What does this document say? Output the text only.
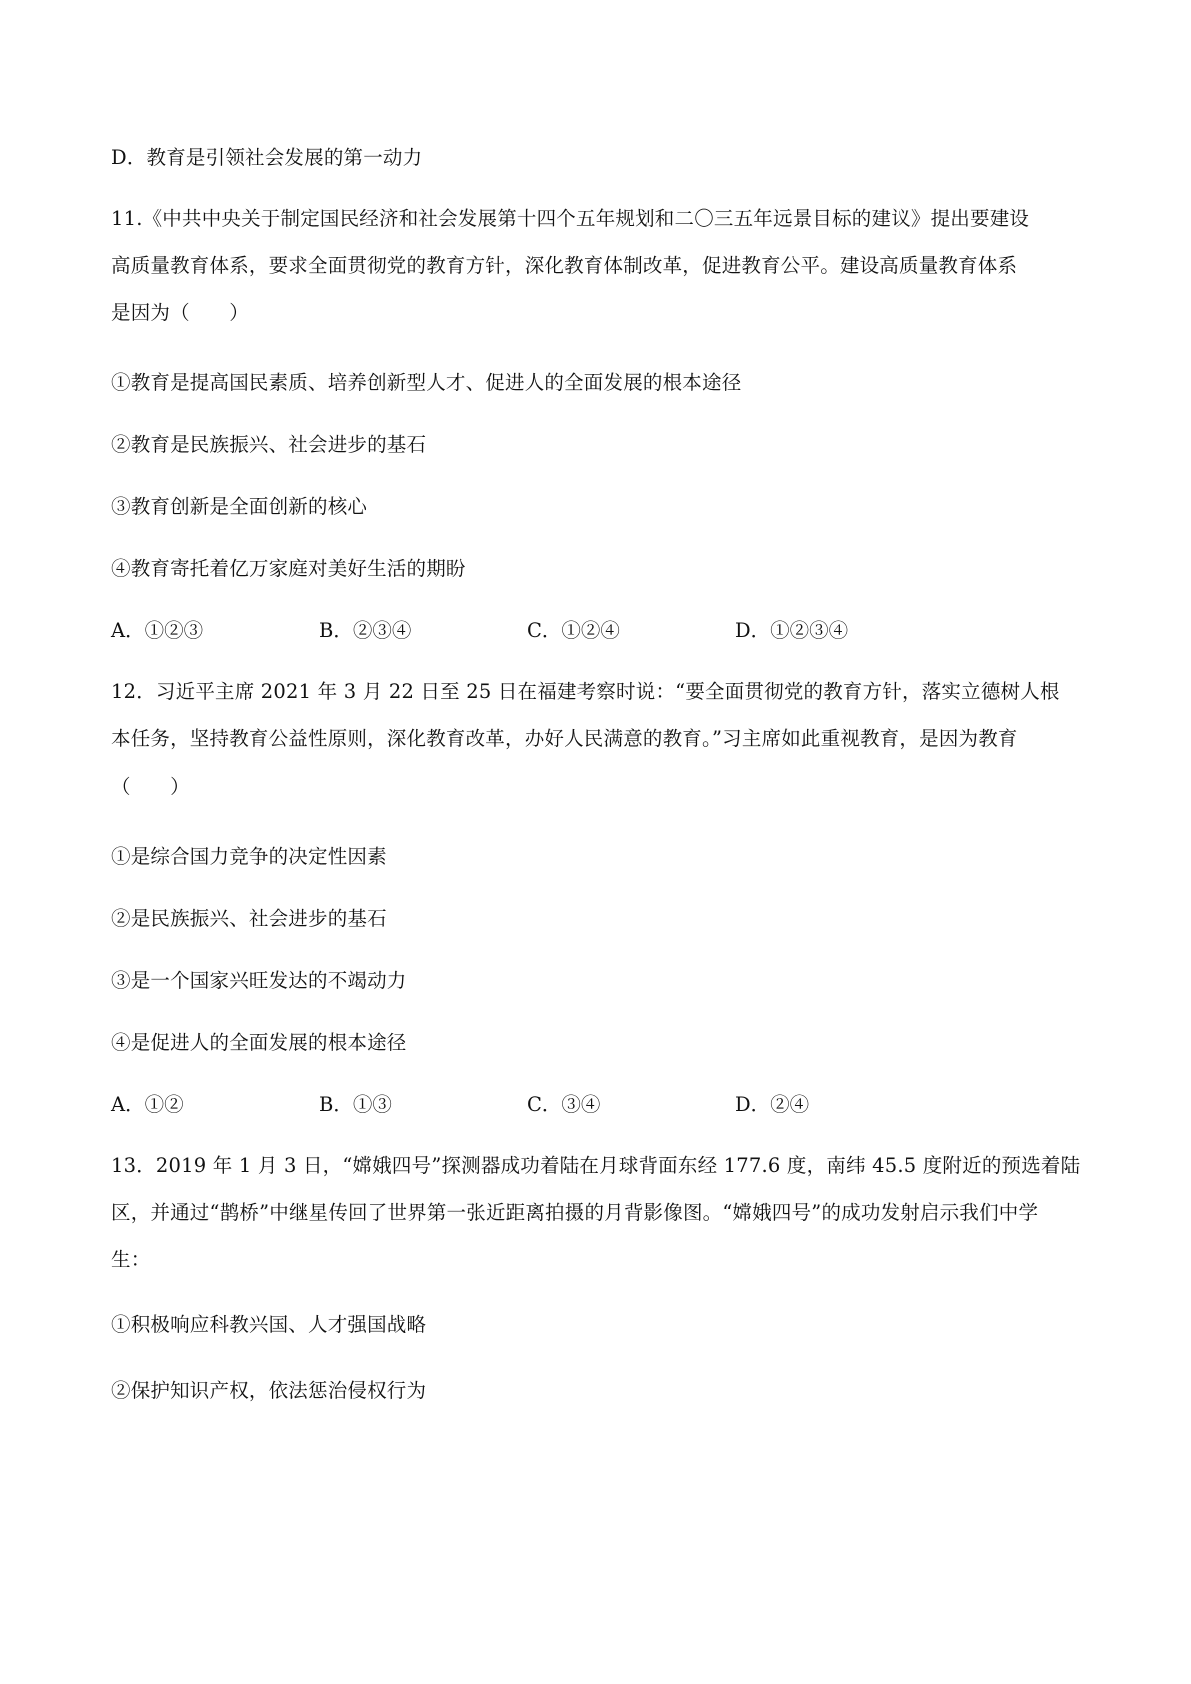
D．教育是引领社会发展的第一动力
11.《中共中央关于制定国民经济和社会发展第十四个五年规划和二〇三五年远景目标的建议》提出要建设
高质量教育体系，要求全面贯彻党的教育方针，深化教育体制改革，促进教育公平。建设高质量教育体系
是因为（　　）
①教育是提高国民素质、培养创新型人才、促进人的全面发展的根本途径
②教育是民族振兴、社会进步的基石
③教育创新是全面创新的核心
④教育寄托着亿万家庭对美好生活的期盼
A．①②③	B．②③④	C．①②④	D．①②③④
12．习近平主席 2021 年 3 月 22 日至 25 日在福建考察时说：“要全面贯彻党的教育方针，落实立德树人根
本任务，坚持教育公益性原则，深化教育改革，办好人民满意的教育。”习主席如此重视教育，是因为教育
（　　）
①是综合国力竞争的决定性因素
②是民族振兴、社会进步的基石
③是一个国家兴旺发达的不竭动力
④是促进人的全面发展的根本途径
A．①②	B．①③	C．③④	D．②④
13．2019 年 1 月 3 日，“嫦娥四号”探测器成功着陆在月球背面东经 177.6 度，南纬 45.5 度附近的预选着陆
区，并通过“鹊桥”中继星传回了世界第一张近距离拍摄的月背影像图。“嫦娥四号”的成功发射启示我们中学
生：
①积极响应科教兴国、人才强国战略
②保护知识产权，依法惩治侵权行为
